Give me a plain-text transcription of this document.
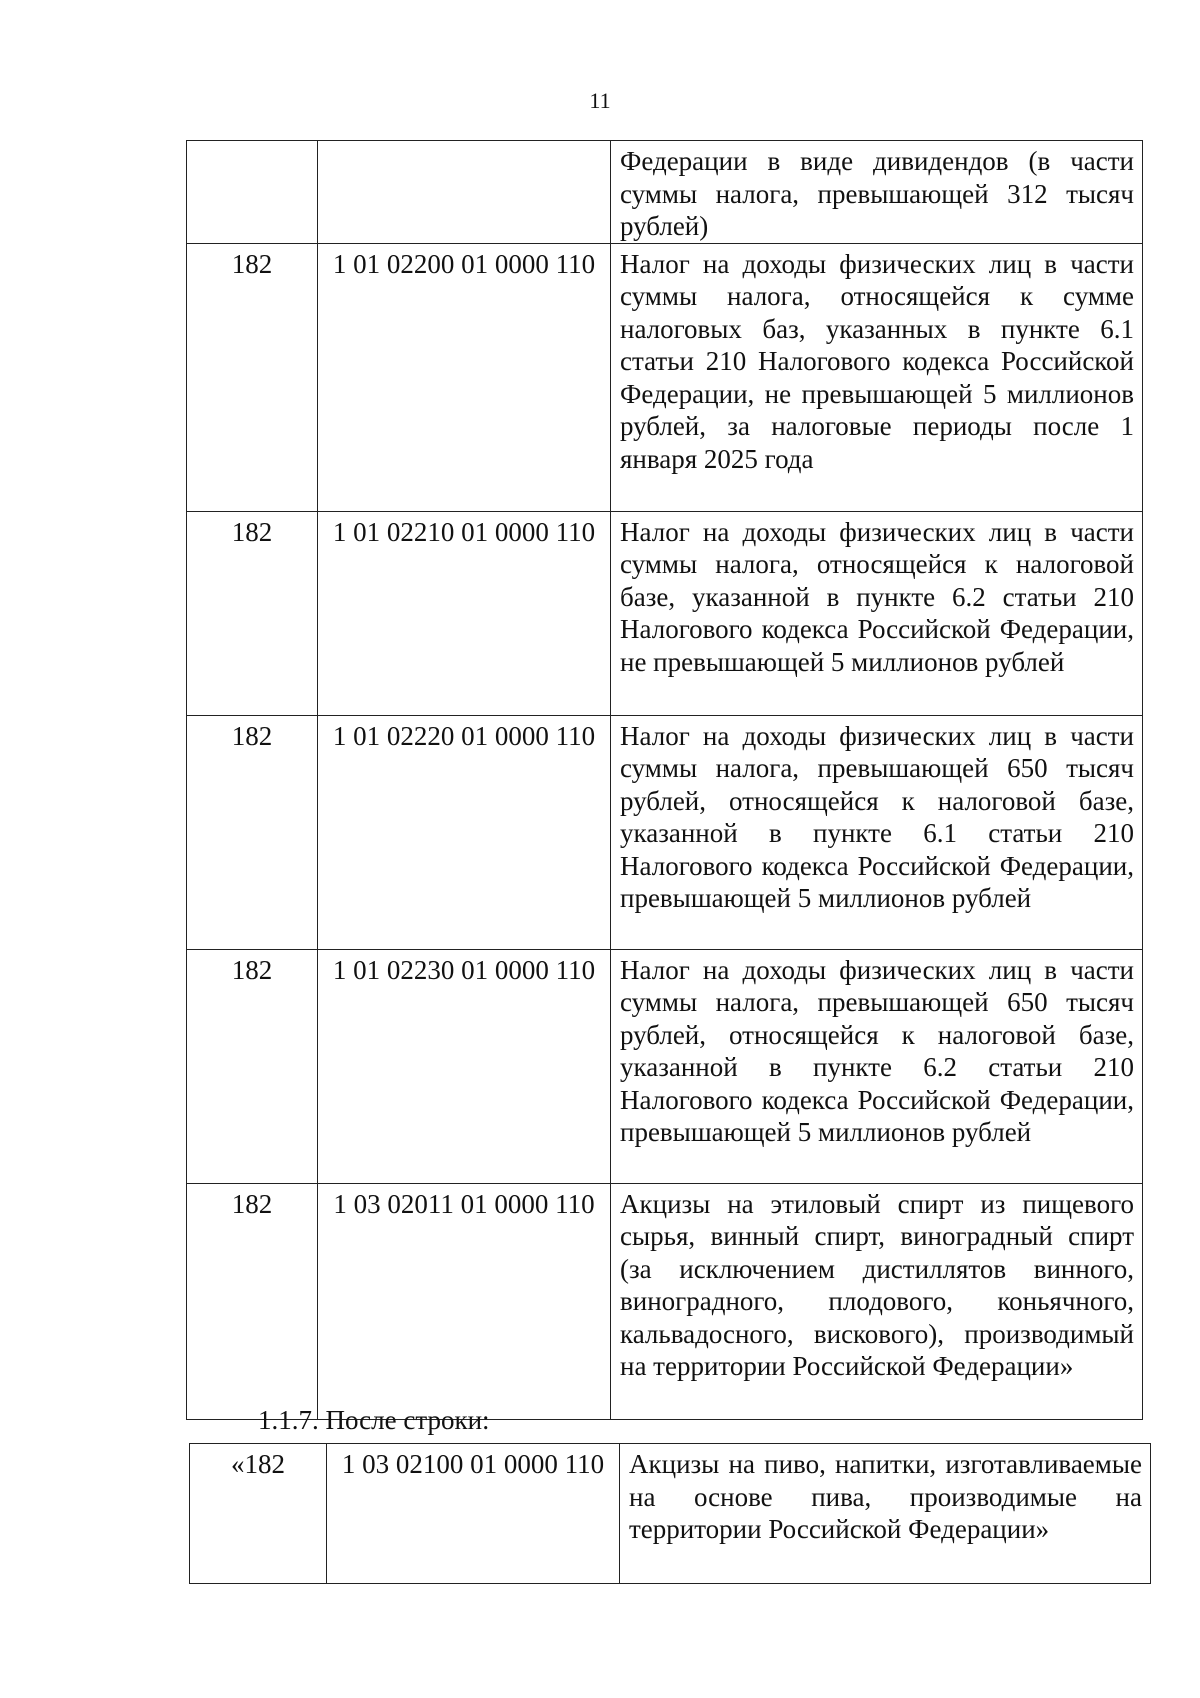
11
		Федерации в виде дивидендов (в части суммы налога, превышающей 312 тысяч рублей)
182	1 01 02200 01 0000 110	Налог на доходы физических лиц в части суммы налога, относящейся к сумме налоговых баз, указанных в пункте 6.1 статьи 210 Налогового кодекса Российской Федерации, не превышающей 5 миллионов рублей, за налоговые периоды после 1 января 2025 года
182	1 01 02210 01 0000 110	Налог на доходы физических лиц в части суммы налога, относящейся к налоговой базе, указанной в пункте 6.2 статьи 210 Налогового кодекса Российской Федерации, не превышающей 5 миллионов рублей
182	1 01 02220 01 0000 110	Налог на доходы физических лиц в части суммы налога, превышающей 650 тысяч рублей, относящейся к налоговой базе, указанной в пункте 6.1 статьи 210 Налогового кодекса Российской Федерации, превышающей 5 миллионов рублей
182	1 01 02230 01 0000 110	Налог на доходы физических лиц в части суммы налога, превышающей 650 тысяч рублей, относящейся к налоговой базе, указанной в пункте 6.2 статьи 210 Налогового кодекса Российской Федерации, превышающей 5 миллионов рублей
182	1 03 02011 01 0000 110	Акцизы на этиловый спирт из пищевого сырья, винный спирт, виноградный спирт (за исключением дистиллятов винного, виноградного, плодового, коньячного, кальвадосного, вискового), производимый на территории Российской Федерации»
1.1.7. После строки:
«182	1 03 02100 01 0000 110	Акцизы на пиво, напитки, изготавливаемые на основе пива, производимые на территории Российской Федерации»
